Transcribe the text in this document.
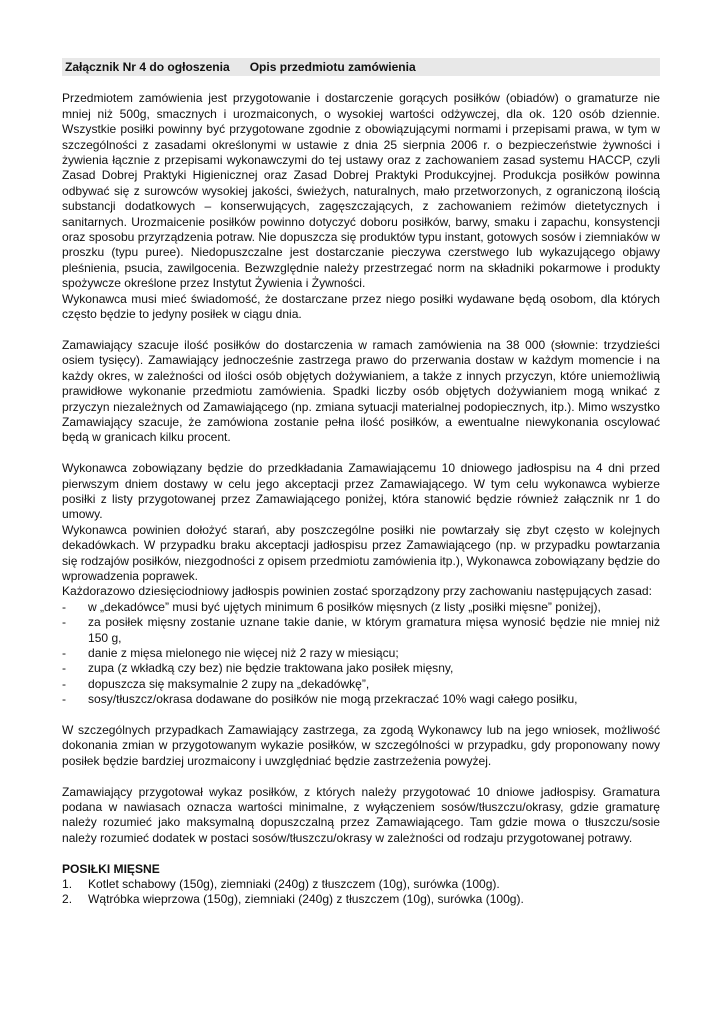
Załącznik Nr 4 do ogłoszenia Opis przedmiotu zamówienia

Przedmiotem zamówienia jest przygotowanie i dostarczenie gorących posiłków (obiadów) o gramaturze nie mniej niż 500g, smacznych i urozmaiconych, o wysokiej wartości odżywczej, dla ok. 120 osób dziennie. Wszystkie posiłki powinny być przygotowane zgodnie z obowiązującymi normami i przepisami prawa, w tym w szczególności z zasadami określonymi w ustawie z dnia 25 sierpnia 2006 r. o bezpieczeństwie żywności i żywienia łącznie z przepisami wykonawczymi do tej ustawy oraz z zachowaniem zasad systemu HACCP, czyli Zasad Dobrej Praktyki Higienicznej oraz Zasad Dobrej Praktyki Produkcyjnej. Produkcja posiłków powinna odbywać się z surowców wysokiej jakości, świeżych, naturalnych, mało przetworzonych, z ograniczoną ilością substancji dodatkowych – konserwujących, zagęszczających, z zachowaniem reżimów dietetycznych i sanitarnych. Urozmaicenie posiłków powinno dotyczyć doboru posiłków, barwy, smaku i zapachu, konsystencji oraz sposobu przyrządzenia potraw. Nie dopuszcza się produktów typu instant, gotowych sosów i ziemniaków w proszku (typu puree). Niedopuszczalne jest dostarczanie pieczywa czerstwego lub wykazującego objawy pleśnienia, psucia, zawilgocenia. Bezwzględnie należy przestrzegać norm na składniki pokarmowe i produkty spożywcze określone przez Instytut Żywienia i Żywności.

Wykonawca musi mieć świadomość, że dostarczane przez niego posiłki wydawane będą osobom, dla których często będzie to jedyny posiłek w ciągu dnia.

Zamawiający szacuje ilość posiłków do dostarczenia w ramach zamówienia na 38 000 (słownie: trzydzieści osiem tysięcy). Zamawiający jednocześnie zastrzega prawo do przerwania dostaw w każdym momencie i na każdy okres, w zależności od ilości osób objętych dożywianiem, a także z innych przyczyn, które uniemożliwią prawidłowe wykonanie przedmiotu zamówienia. Spadki liczby osób objętych dożywianiem mogą wnikać z przyczyn niezależnych od Zamawiającego (np. zmiana sytuacji materialnej podopiecznych, itp.). Mimo wszystko Zamawiający szacuje, że zamówiona zostanie pełna ilość posiłków, a ewentualne niewykonania oscylować będą w granicach kilku procent.

Wykonawca zobowiązany będzie do przedkładania Zamawiającemu 10 dniowego jadłospisu na 4 dni przed pierwszym dniem dostawy w celu jego akceptacji przez Zamawiającego. W tym celu wykonawca wybierze posiłki z listy przygotowanej przez Zamawiającego poniżej, która stanowić będzie również załącznik nr 1 do umowy.

Wykonawca powinien dołożyć starań, aby poszczególne posiłki nie powtarzały się zbyt często w kolejnych dekadówkach. W przypadku braku akceptacji jadłospisu przez Zamawiającego (np. w przypadku powtarzania się rodzajów posiłków, niezgodności z opisem przedmiotu zamówienia itp.), Wykonawca zobowiązany będzie do wprowadzenia poprawek.

Każdorazowo dziesięciodniowy jadłospis powinien zostać sporządzony przy zachowaniu następujących zasad:

-	w „dekadówce” musi być ujętych minimum 6 posiłków mięsnych (z listy „posiłki mięsne” poniżej),
-	za posiłek mięsny zostanie uznane takie danie, w którym gramatura mięsa wynosić będzie nie mniej niż 150 g,
-	danie z mięsa mielonego nie więcej niż 2 razy w miesiącu;
-	zupa (z wkładką czy bez) nie będzie traktowana jako posiłek mięsny,
-	dopuszcza się maksymalnie 2 zupy na „dekadówkę”,
-	sosy/tłuszcz/okrasa dodawane do posiłków nie mogą przekraczać 10% wagi całego posiłku,

W szczególnych przypadkach Zamawiający zastrzega, za zgodą Wykonawcy lub na jego wniosek, możliwość dokonania zmian w przygotowanym wykazie posiłków, w szczególności w przypadku, gdy proponowany nowy posiłek będzie bardziej urozmaicony i uwzględniać będzie zastrzeżenia powyżej.

Zamawiający przygotował wykaz posiłków, z których należy przygotować 10 dniowe jadłospisy. Gramatura podana w nawiasach oznacza wartości minimalne, z wyłączeniem sosów/tłuszczu/okrasy, gdzie gramaturę należy rozumieć jako maksymalną dopuszczalną przez Zamawiającego. Tam gdzie mowa o tłuszczu/sosie należy rozumieć dodatek w postaci sosów/tłuszczu/okrasy w zależności od rodzaju przygotowanej potrawy.

POSIŁKI MIĘSNE

1.	Kotlet schabowy (150g), ziemniaki (240g) z tłuszczem (10g), surówka (100g).
2.	Wątróbka wieprzowa (150g), ziemniaki (240g) z tłuszczem (10g), surówka (100g).
